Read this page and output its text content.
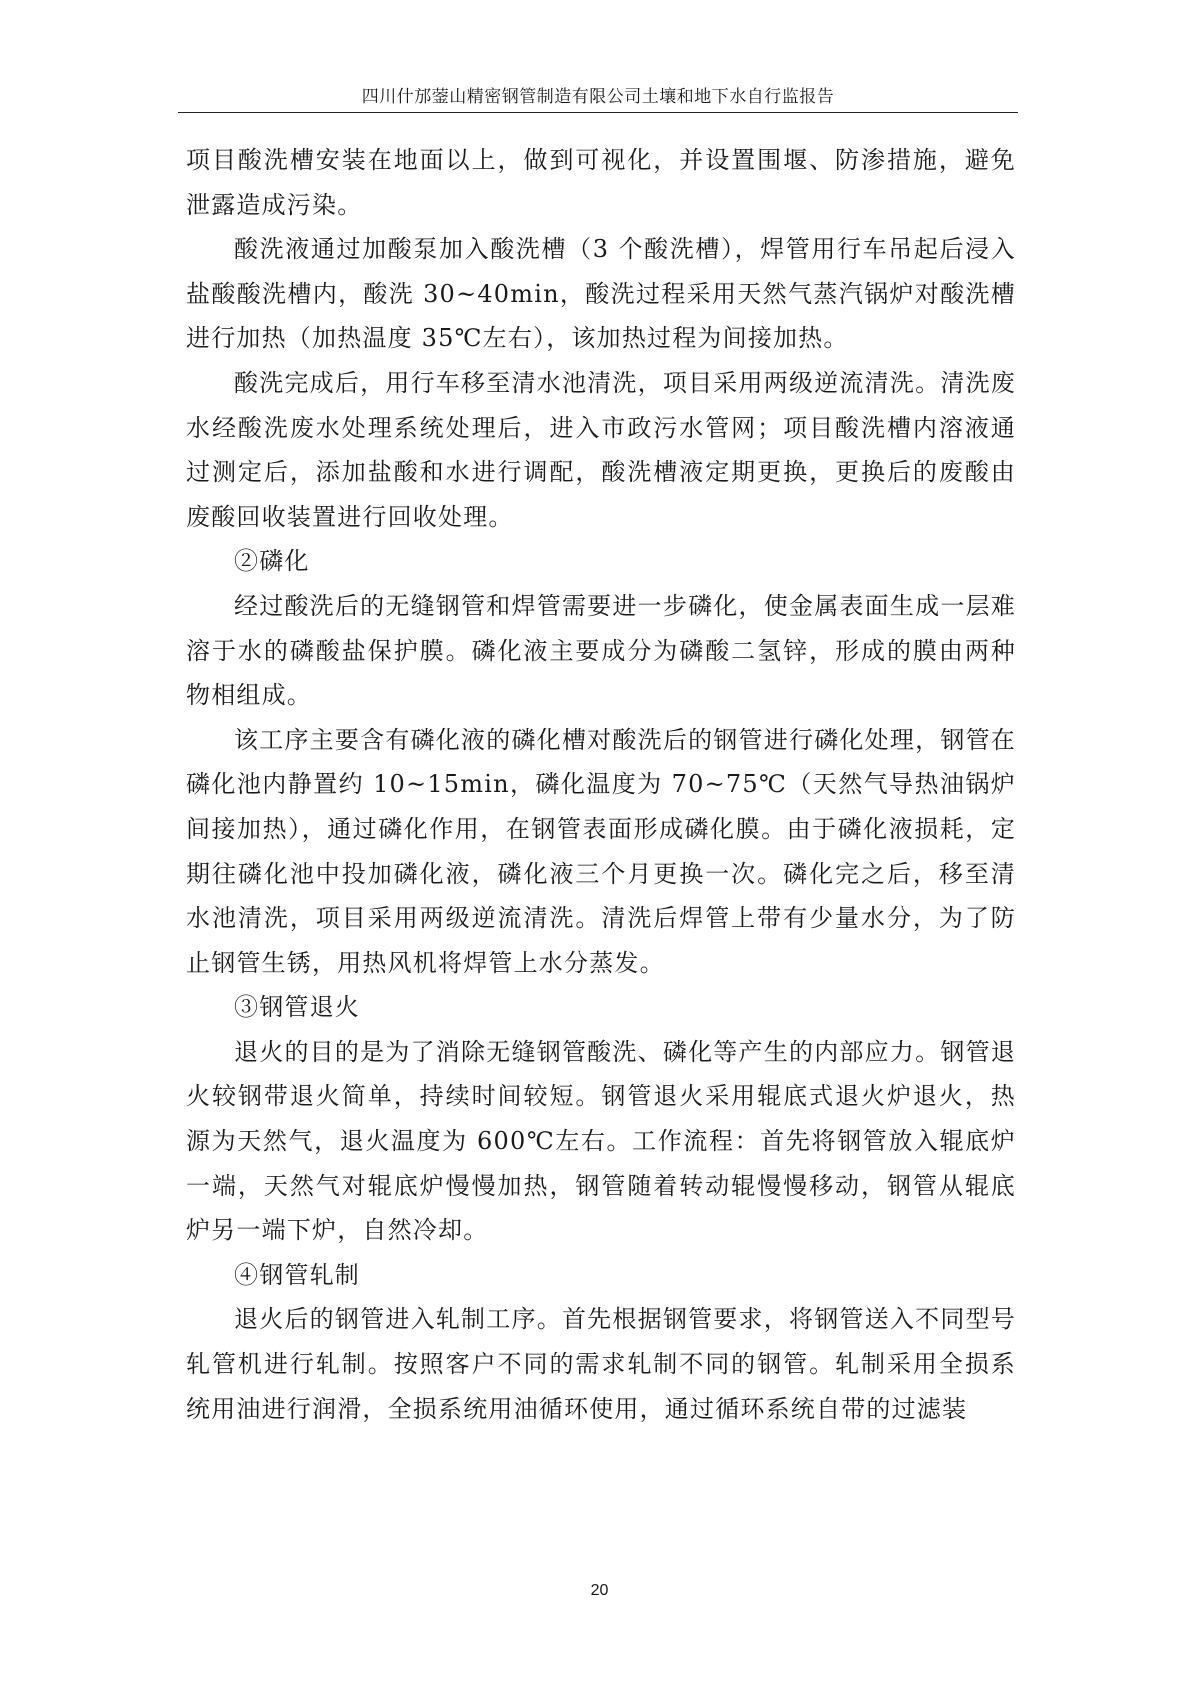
四川什邡蓥山精密钢管制造有限公司土壤和地下水自行监报告

项目酸洗槽安装在地面以上，做到可视化，并设置围堰、防渗措施，避免泄露造成污染。

酸洗液通过加酸泵加入酸洗槽（3 个酸洗槽），焊管用行车吊起后浸入盐酸酸洗槽内，酸洗 30~40min，酸洗过程采用天然气蒸汽锅炉对酸洗槽进行加热（加热温度 35℃左右），该加热过程为间接加热。

酸洗完成后，用行车移至清水池清洗，项目采用两级逆流清洗。清洗废水经酸洗废水处理系统处理后，进入市政污水管网；项目酸洗槽内溶液通过测定后，添加盐酸和水进行调配，酸洗槽液定期更换，更换后的废酸由废酸回收装置进行回收处理。

②磷化

经过酸洗后的无缝钢管和焊管需要进一步磷化，使金属表面生成一层难溶于水的磷酸盐保护膜。磷化液主要成分为磷酸二氢锌，形成的膜由两种物相组成。

该工序主要含有磷化液的磷化槽对酸洗后的钢管进行磷化处理，钢管在磷化池内静置约 10~15min，磷化温度为 70~75℃（天然气导热油锅炉间接加热），通过磷化作用，在钢管表面形成磷化膜。由于磷化液损耗，定期往磷化池中投加磷化液，磷化液三个月更换一次。磷化完之后，移至清水池清洗，项目采用两级逆流清洗。清洗后焊管上带有少量水分，为了防止钢管生锈，用热风机将焊管上水分蒸发。

③钢管退火

退火的目的是为了消除无缝钢管酸洗、磷化等产生的内部应力。钢管退火较钢带退火简单，持续时间较短。钢管退火采用辊底式退火炉退火，热源为天然气，退火温度为 600℃左右。工作流程：首先将钢管放入辊底炉一端，天然气对辊底炉慢慢加热，钢管随着转动辊慢慢移动，钢管从辊底炉另一端下炉，自然冷却。

④钢管轧制

退火后的钢管进入轧制工序。首先根据钢管要求，将钢管送入不同型号轧管机进行轧制。按照客户不同的需求轧制不同的钢管。轧制采用全损系统用油进行润滑，全损系统用油循环使用，通过循环系统自带的过滤装

20
